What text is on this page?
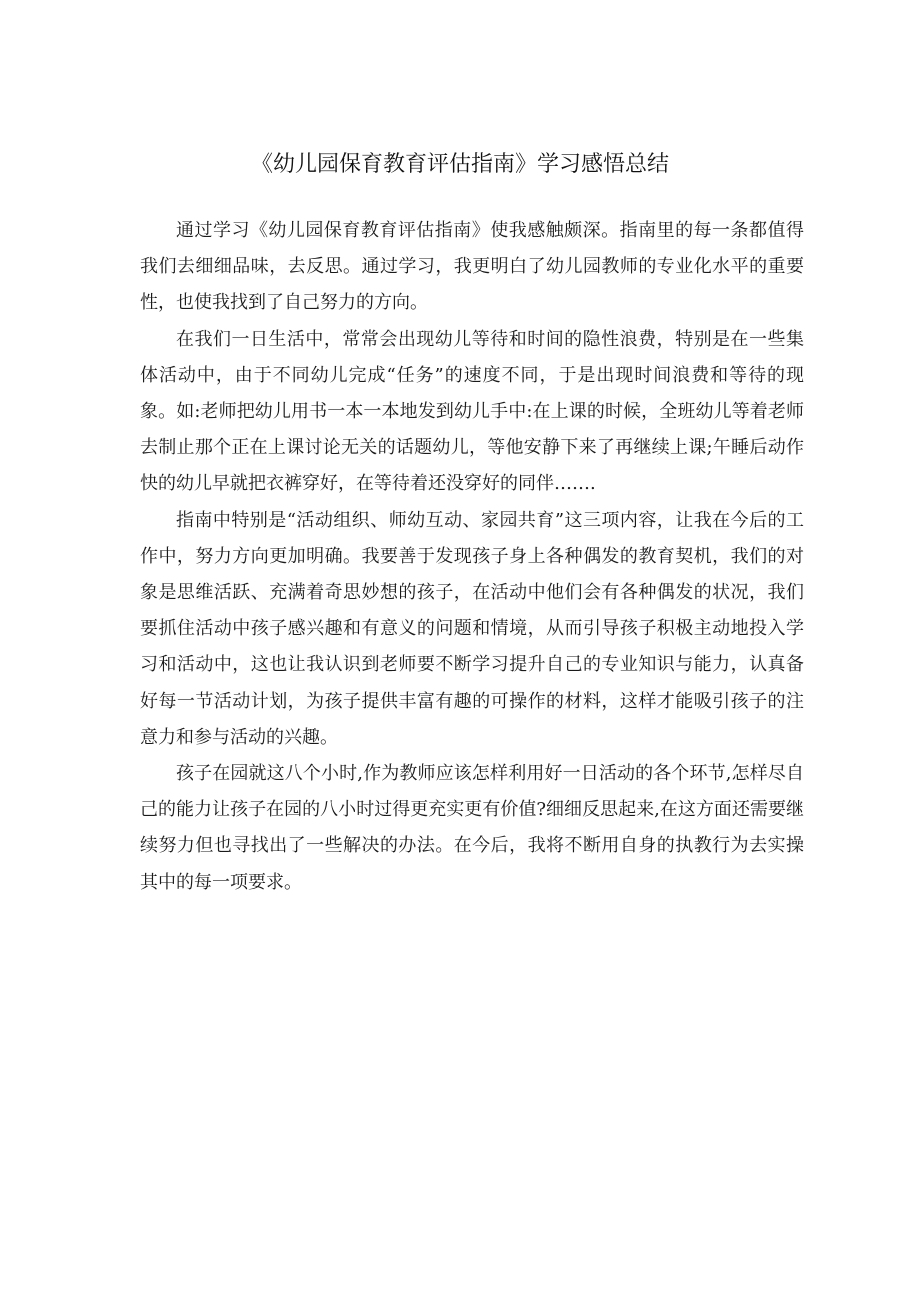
《幼儿园保育教育评估指南》学习感悟总结

通过学习《幼儿园保育教育评估指南》使我感触颇深。指南里的每一条都值得我们去细细品味，去反思。通过学习，我更明白了幼儿园教师的专业化水平的重要性，也使我找到了自己努力的方向。

在我们一日生活中，常常会出现幼儿等待和时间的隐性浪费，特别是在一些集体活动中，由于不同幼儿完成“任务”的速度不同，于是出现时间浪费和等待的现象。如:老师把幼儿用书一本一本地发到幼儿手中:在上课的时候，全班幼儿等着老师去制止那个正在上课讨论无关的话题幼儿，等他安静下来了再继续上课;午睡后动作快的幼儿早就把衣裤穿好，在等待着还没穿好的同伴…….

指南中特别是“活动组织、师幼互动、家园共育”这三项内容，让我在今后的工作中，努力方向更加明确。我要善于发现孩子身上各种偶发的教育契机，我们的对象是思维活跃、充满着奇思妙想的孩子，在活动中他们会有各种偶发的状况，我们要抓住活动中孩子感兴趣和有意义的问题和情境，从而引导孩子积极主动地投入学习和活动中，这也让我认识到老师要不断学习提升自己的专业知识与能力，认真备好每一节活动计划，为孩子提供丰富有趣的可操作的材料，这样才能吸引孩子的注意力和参与活动的兴趣。

孩子在园就这八个小时,作为教师应该怎样利用好一日活动的各个环节,怎样尽自己的能力让孩子在园的八小时过得更充实更有价值?细细反思起来,在这方面还需要继续努力但也寻找出了一些解决的办法。在今后，我将不断用自身的执教行为去实操其中的每一项要求。
